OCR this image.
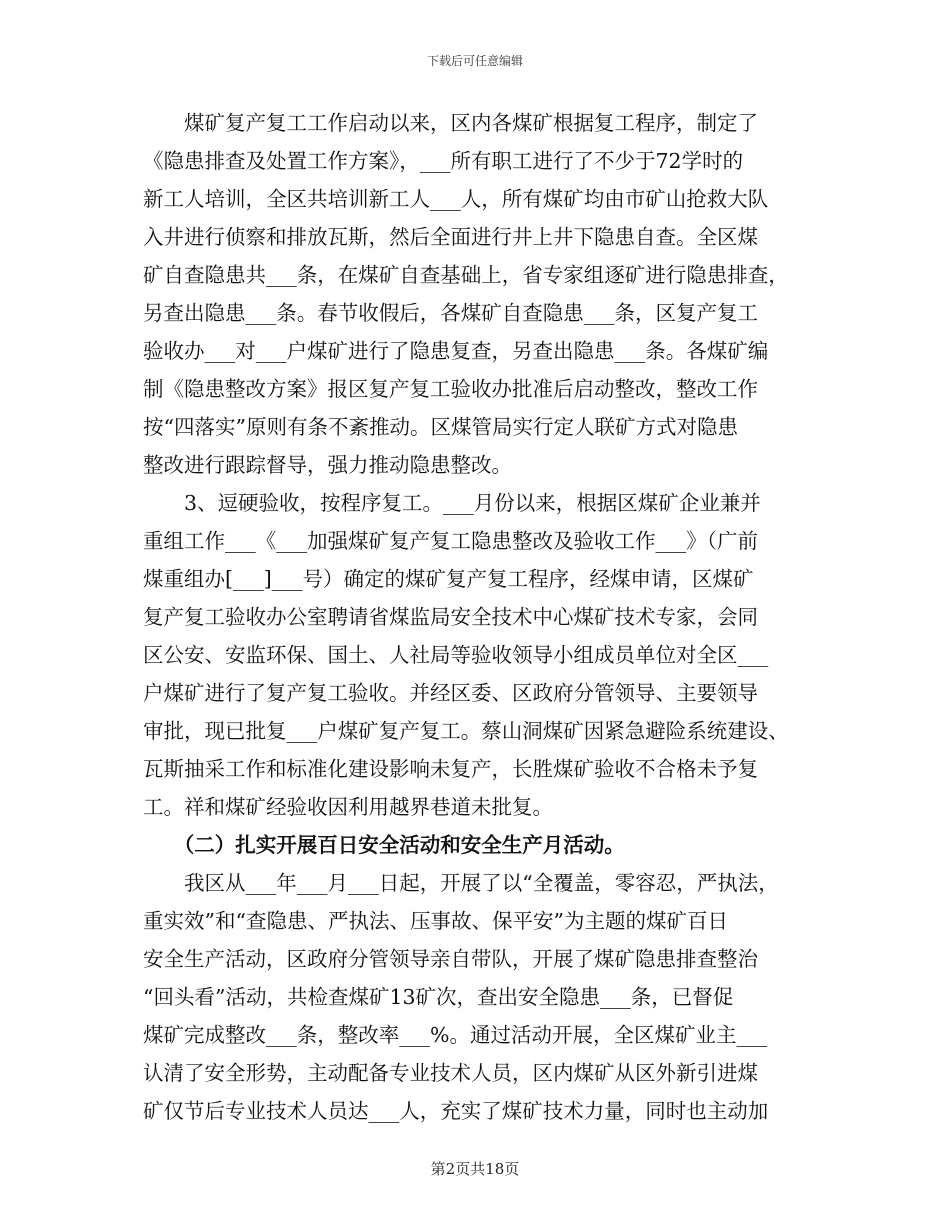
下载后可任意编辑
　　煤矿复产复工工作启动以来，区内各煤矿根据复工程序，制定了
《隐患排查及处置工作方案》，___所有职工进行了不少于72学时的
新工人培训，全区共培训新工人___人，所有煤矿均由市矿山抢救大队
入井进行侦察和排放瓦斯，然后全面进行井上井下隐患自查。全区煤
矿自查隐患共___条，在煤矿自查基础上，省专家组逐矿进行隐患排查，
另查出隐患___条。春节收假后，各煤矿自查隐患___条，区复产复工
验收办___对___户煤矿进行了隐患复查，另查出隐患___条。各煤矿编
制《隐患整改方案》报区复产复工验收办批准后启动整改，整改工作
按“四落实”原则有条不紊推动。区煤管局实行定人联矿方式对隐患
整改进行跟踪督导，强力推动隐患整改。
　　3、逗硬验收，按程序复工。___月份以来，根据区煤矿企业兼并
重组工作___《___加强煤矿复产复工隐患整改及验收工作___》（广前
煤重组办[___]___号）确定的煤矿复产复工程序，经煤申请，区煤矿
复产复工验收办公室聘请省煤监局安全技术中心煤矿技术专家，会同
区公安、安监环保、国土、人社局等验收领导小组成员单位对全区___
户煤矿进行了复产复工验收。并经区委、区政府分管领导、主要领导
审批，现已批复___户煤矿复产复工。蔡山洞煤矿因紧急避险系统建设、
瓦斯抽采工作和标准化建设影响未复产，长胜煤矿验收不合格未予复
工。祥和煤矿经验收因利用越界巷道未批复。
　　（二）扎实开展百日安全活动和安全生产月活动。
　　我区从___年___月___日起，开展了以“全覆盖，零容忍，严执法，
重实效”和“查隐患、严执法、压事故、保平安”为主题的煤矿百日
安全生产活动，区政府分管领导亲自带队，开展了煤矿隐患排查整治
“回头看”活动，共检查煤矿13矿次，查出安全隐患___条，已督促
煤矿完成整改___条，整改率___%。通过活动开展，全区煤矿业主___
认清了安全形势，主动配备专业技术人员，区内煤矿从区外新引进煤
矿仅节后专业技术人员达___人，充实了煤矿技术力量，同时也主动加
第2页共18页
